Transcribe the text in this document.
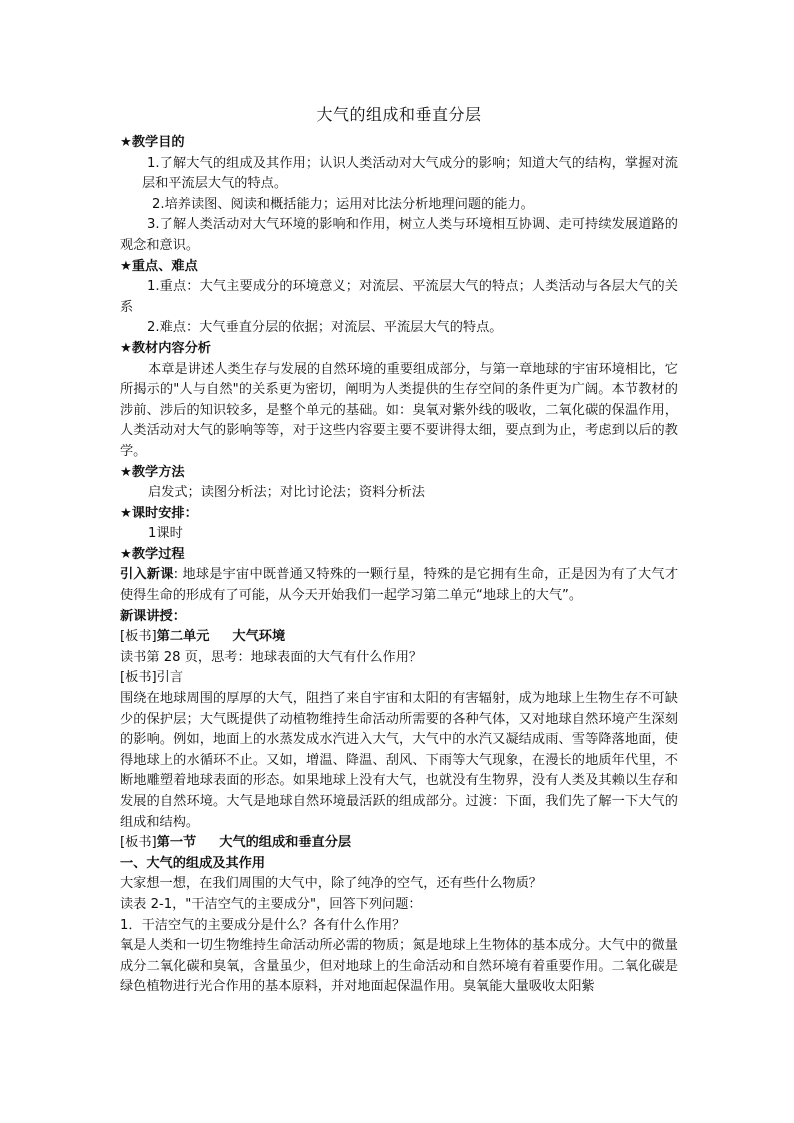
大气的组成和垂直分层

★教学目的

1.了解大气的组成及其作用；认识人类活动对大气成分的影响；知道大气的结构，掌握对流层和平流层大气的特点。

2.培养读图、阅读和概括能力；运用对比法分析地理问题的能力。

3.了解人类活动对大气环境的影响和作用，树立人类与环境相互协调、走可持续发展道路的观念和意识。

★重点、难点

1.重点：大气主要成分的环境意义；对流层、平流层大气的特点；人类活动与各层大气的关系

2.难点：大气垂直分层的依据；对流层、平流层大气的特点。

★教材内容分析

本章是讲述人类生存与发展的自然环境的重要组成部分，与第一章地球的宇宙环境相比，它所揭示的"人与自然"的关系更为密切，阐明为人类提供的生存空间的条件更为广阔。本节教材的涉前、涉后的知识较多，是整个单元的基础。如：臭氧对紫外线的吸收，二氧化碳的保温作用，人类活动对大气的影响等等，对于这些内容要主要不要讲得太细，要点到为止，考虑到以后的教学。

★教学方法

启发式；读图分析法；对比讨论法；资料分析法

★课时安排：

1课时

★教学过程

引入新课: 地球是宇宙中既普通又特殊的一颗行星，特殊的是它拥有生命，正是因为有了大气才使得生命的形成有了可能，从今天开始我们一起学习第二单元“地球上的大气”。

新课讲授：

[板书]第二单元     大气环境

读书第 28 页，思考：地球表面的大气有什么作用？

[板书]引言

围绕在地球周围的厚厚的大气，阻挡了来自宇宙和太阳的有害辐射，成为地球上生物生存不可缺少的保护层；大气既提供了动植物维持生命活动所需要的各种气体，又对地球自然环境产生深刻的影响。例如，地面上的水蒸发成水汽进入大气，大气中的水汽又凝结成雨、雪等降落地面，使得地球上的水循环不止。又如，增温、降温、刮风、下雨等大气现象，在漫长的地质年代里，不断地雕塑着地球表面的形态。如果地球上没有大气，也就没有生物界，没有人类及其赖以生存和发展的自然环境。大气是地球自然环境最活跃的组成部分。过渡：下面，我们先了解一下大气的组成和结构。

[板书]第一节     大气的组成和垂直分层

一、大气的组成及其作用

大家想一想，在我们周围的大气中，除了纯净的空气，还有些什么物质？

读表 2-1，"干洁空气的主要成分"，回答下列问题：

1．干洁空气的主要成分是什么？各有什么作用？

氧是人类和一切生物维持生命活动所必需的物质；氮是地球上生物体的基本成分。大气中的微量成分二氧化碳和臭氧，含量虽少，但对地球上的生命活动和自然环境有着重要作用。二氧化碳是绿色植物进行光合作用的基本原料，并对地面起保温作用。臭氧能大量吸收太阳紫
